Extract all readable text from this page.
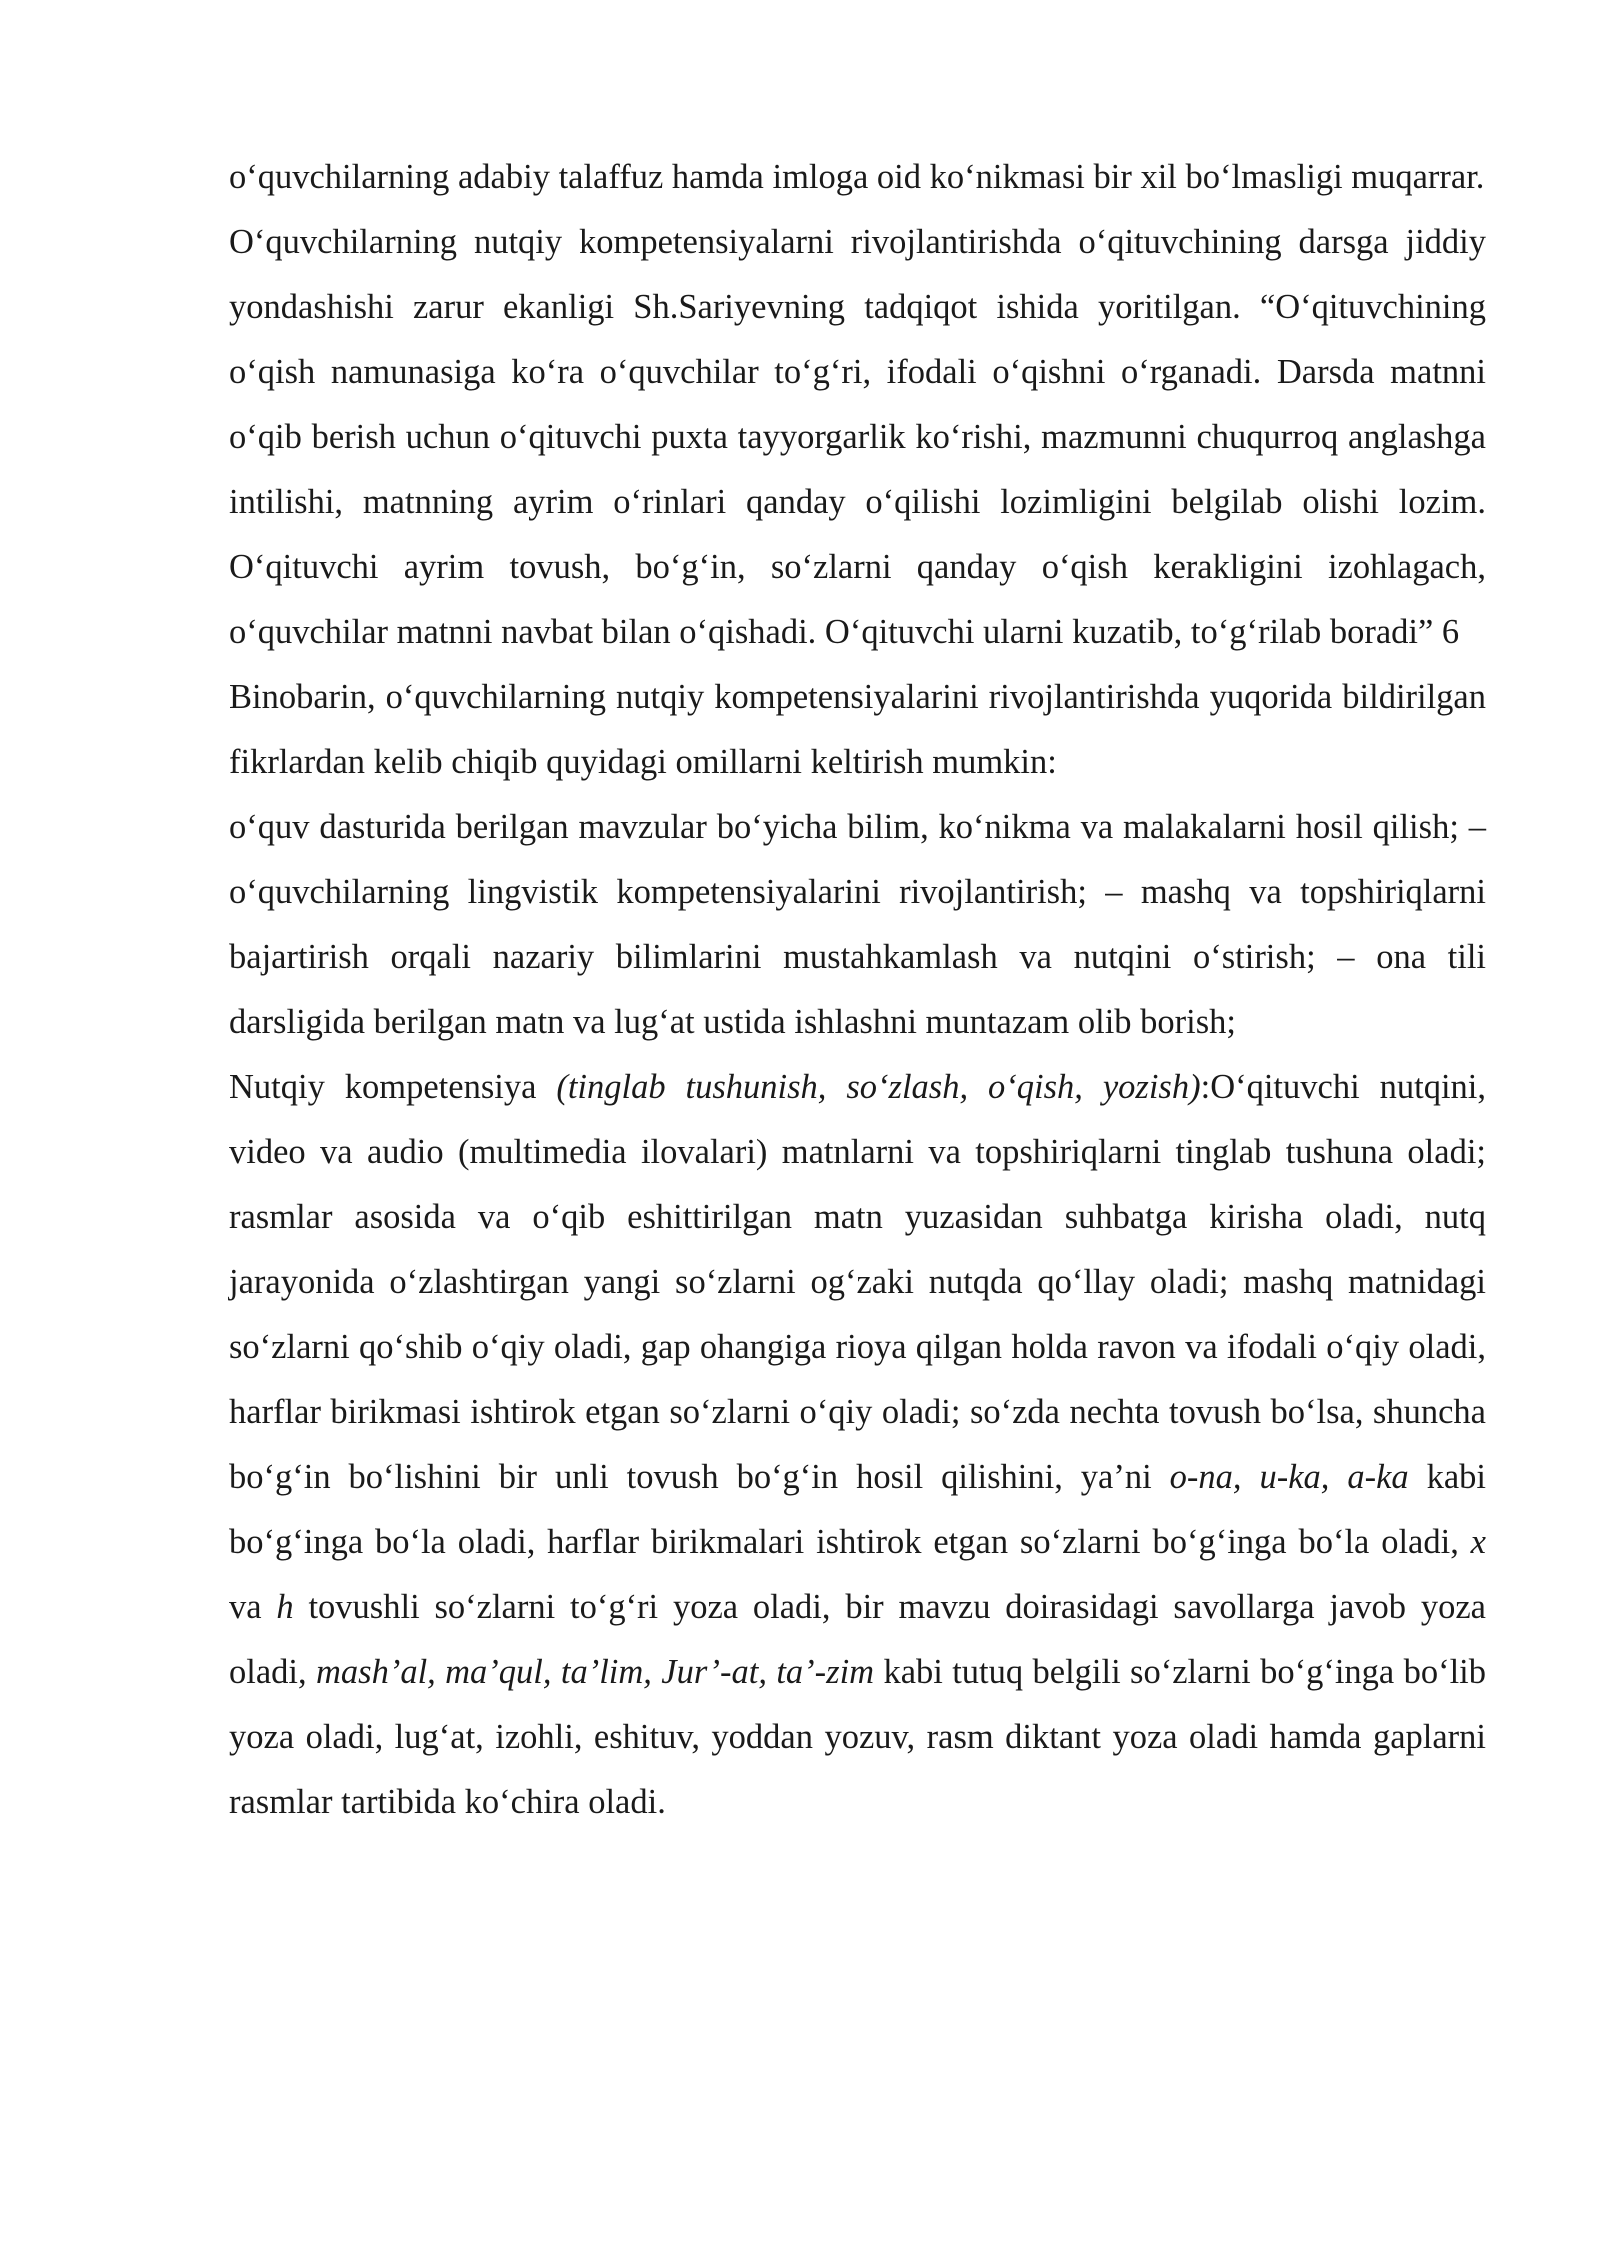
o‘quvchilarning adabiy talaffuz hamda imloga oid ko‘nikmasi bir xil bo‘lmasligi muqarrar.

O‘quvchilarning nutqiy kompetensiyalarni rivojlantirishda o‘qituvchining darsga jiddiy yondashishi zarur ekanligi Sh.Sariyevning tadqiqot ishida yoritilgan. “O‘qituvchining o‘qish namunasiga ko‘ra o‘quvchilar to‘g‘ri, ifodali o‘qishni o‘rganadi. Darsda matnni o‘qib berish uchun o‘qituvchi puxta tayyorgarlik ko‘rishi, mazmunni chuqurroq anglashga intilishi, matnning ayrim o‘rinlari qanday o‘qilishi lozimligini belgilab olishi lozim. O‘qituvchi ayrim tovush, bo‘g‘in, so‘zlarni qanday o‘qish kerakligini izohlagach, o‘quvchilar matnni navbat bilan o‘qishadi. O‘qituvchi ularni kuzatib, to‘g‘rilab boradi” 6

Binobarin, o‘quvchilarning nutqiy kompetensiyalarini rivojlantirishda yuqorida bildirilgan fikrlardan kelib chiqib quyidagi omillarni keltirish mumkin:

o‘quv dasturida berilgan mavzular bo‘yicha bilim, ko‘nikma va malakalarni hosil qilish; – o‘quvchilarning lingvistik kompetensiyalarini rivojlantirish; – mashq va topshiriqlarni bajartirish orqali nazariy bilimlarini mustahkamlash va nutqini o‘stirish; – ona tili darsligida berilgan matn va lug‘at ustida ishlashni muntazam olib borish;

Nutqiy kompetensiya (tinglab tushunish, so‘zlash, o‘qish, yozish):O‘qituvchi nutqini, video va audio (multimedia ilovalari) matnlarni va topshiriqlarni tinglab tushuna oladi; rasmlar asosida va o‘qib eshittirilgan matn yuzasidan suhbatga kirisha oladi, nutq jarayonida o‘zlashtirgan yangi so‘zlarni og‘zaki nutqda qo‘llay oladi; mashq matnidagi so‘zlarni qo‘shib o‘qiy oladi, gap ohangiga rioya qilgan holda ravon va ifodali o‘qiy oladi, harflar birikmasi ishtirok etgan so‘zlarni o‘qiy oladi; so‘zda nechta tovush bo‘lsa, shuncha bo‘g‘in bo‘lishini bir unli tovush bo‘g‘in hosil qilishini, ya’ni o-na, u-ka, a-ka kabi bo‘g‘inga bo‘la oladi, harflar birikmalari ishtirok etgan so‘zlarni bo‘g‘inga bo‘la oladi, x va h tovushli so‘zlarni to‘g‘ri yoza oladi, bir mavzu doirasidagi savollarga javob yoza oladi, mash’al, ma’qul, ta’lim, Jur’-at, ta’-zim kabi tutuq belgili so‘zlarni bo‘g‘inga bo‘lib yoza oladi, lug‘at, izohli, eshituv, yoddan yozuv, rasm diktant yoza oladi hamda gaplarni rasmlar tartibida ko‘chira oladi.
